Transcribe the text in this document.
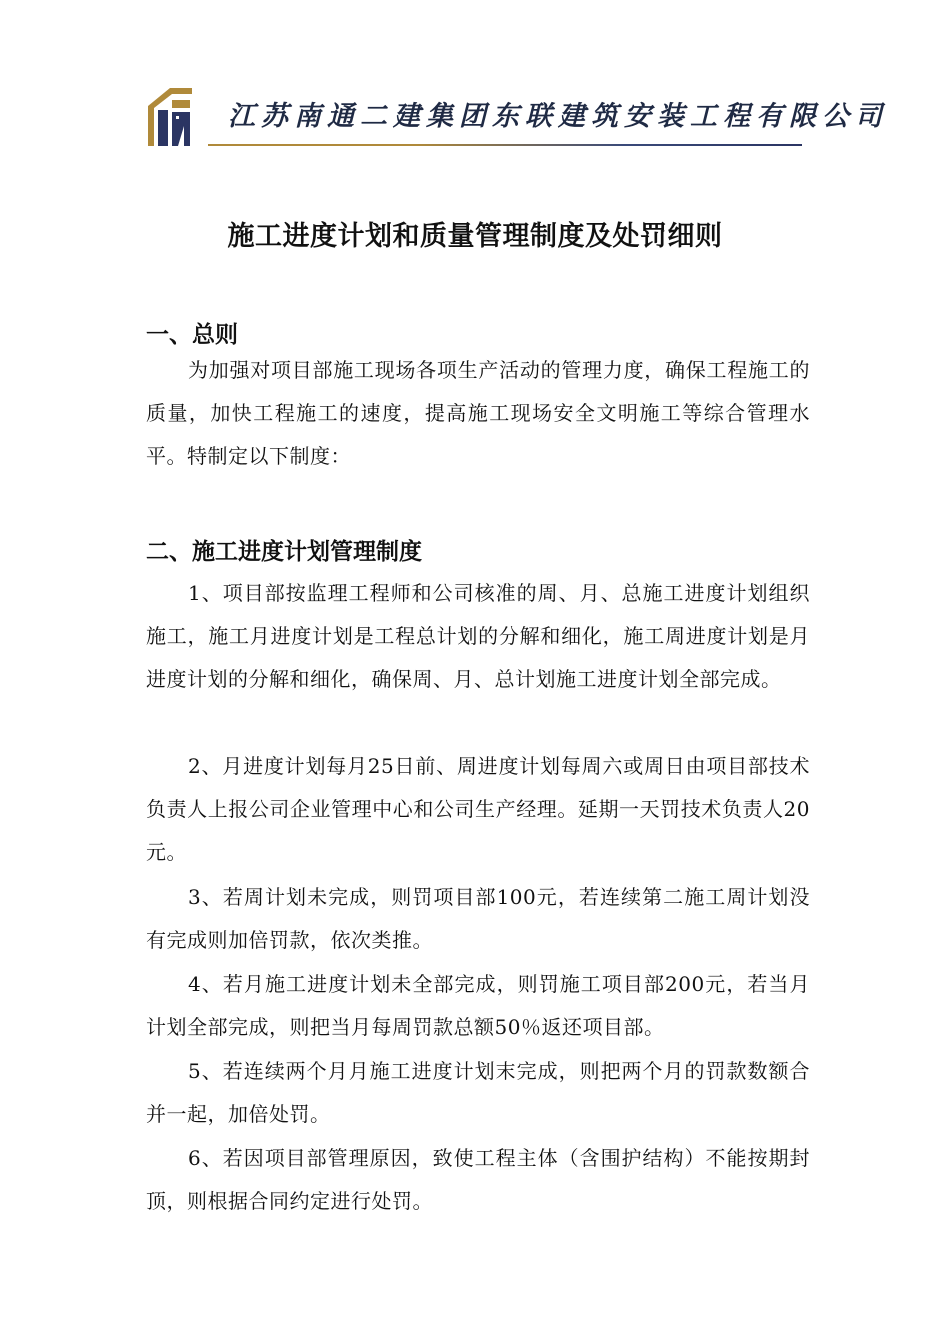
江苏南通二建集团东联建筑安装工程有限公司
施工进度计划和质量管理制度及处罚细则
一、总则
为加强对项目部施工现场各项生产活动的管理力度，确保工程施工的质量，加快工程施工的速度，提高施工现场安全文明施工等综合管理水平。特制定以下制度：
二、施工进度计划管理制度
1、项目部按监理工程师和公司核准的周、月、总施工进度计划组织施工，施工月进度计划是工程总计划的分解和细化，施工周进度计划是月进度计划的分解和细化，确保周、月、总计划施工进度计划全部完成。
2、月进度计划每月25日前、周进度计划每周六或周日由项目部技术负责人上报公司企业管理中心和公司生产经理。延期一天罚技术负责人20元。
3、若周计划未完成，则罚项目部100元，若连续第二施工周计划没有完成则加倍罚款，依次类推。
4、若月施工进度计划未全部完成，则罚施工项目部200元，若当月计划全部完成，则把当月每周罚款总额50％返还项目部。
5、若连续两个月月施工进度计划末完成，则把两个月的罚款数额合并一起，加倍处罚。
6、若因项目部管理原因，致使工程主体（含围护结构）不能按期封顶，则根据合同约定进行处罚。
